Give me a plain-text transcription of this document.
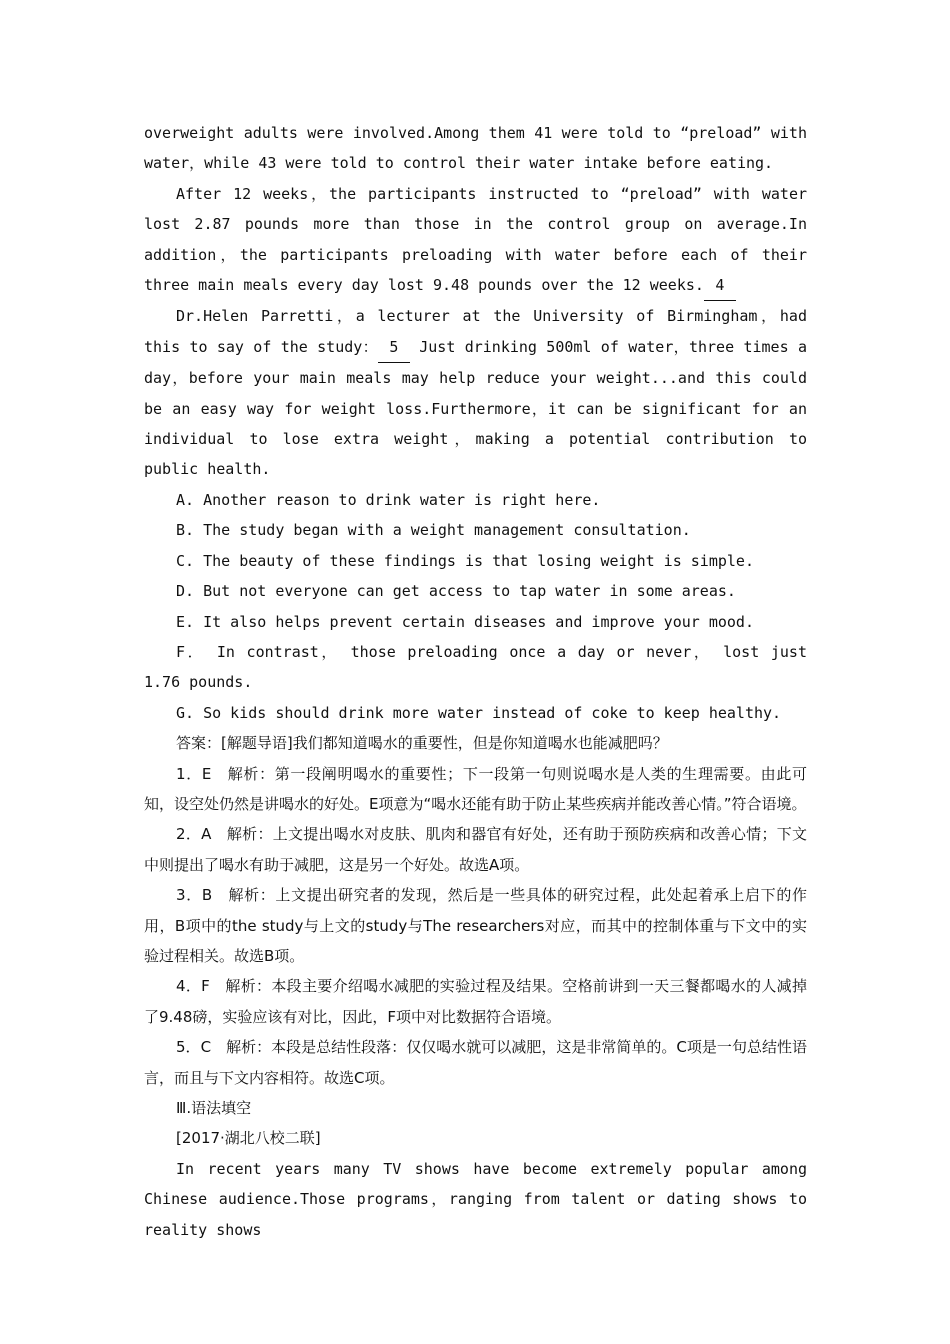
overweight adults were involved.Among them 41 were told to “preload” with water，while 43 were told to control their water intake before eating.

After 12 weeks，the participants instructed to “preload” with water lost 2.87 pounds more than those in the control group on average.In addition，the participants preloading with water before each of their three main meals every day lost 9.48 pounds over the 12 weeks. 4

Dr.Helen Parretti，a lecturer at the University of Birmingham，had this to say of the study： 5 Just drinking 500ml of water，three times a day，before your main meals may help reduce your weight...and this could be an easy way for weight loss.Furthermore，it can be significant for an individual to lose extra weight，making a potential contribution to public health.

A. Another reason to drink water is right here.

B. The study began with a weight management consultation.

C. The beauty of these findings is that losing weight is simple.

D. But not everyone can get access to tap water in some areas.

E. It also helps prevent certain diseases and improve your mood.

F． In contrast， those preloading once a day or never， lost just 1.76 pounds.

G. So kids should drink more water instead of coke to keep healthy.

答案：[解题导语]我们都知道喝水的重要性，但是你知道喝水也能减肥吗？

1．E　解析：第一段阐明喝水的重要性；下一段第一句则说喝水是人类的生理需要。由此可知，设空处仍然是讲喝水的好处。E项意为“喝水还能有助于防止某些疾病并能改善心情。”符合语境。

2．A　解析：上文提出喝水对皮肤、肌肉和器官有好处，还有助于预防疾病和改善心情；下文中则提出了喝水有助于减肥，这是另一个好处。故选A项。

3．B　解析：上文提出研究者的发现，然后是一些具体的研究过程，此处起着承上启下的作用，B项中的the study与上文的study与The researchers对应，而其中的控制体重与下文中的实验过程相关。故选B项。

4．F　解析：本段主要介绍喝水减肥的实验过程及结果。空格前讲到一天三餐都喝水的人减掉了9.48磅，实验应该有对比，因此，F项中对比数据符合语境。

5．C　解析：本段是总结性段落：仅仅喝水就可以减肥，这是非常简单的。C项是一句总结性语言，而且与下文内容相符。故选C项。

Ⅲ.语法填空

[2017·湖北八校二联]

In recent years many TV shows have become extremely popular among Chinese audience.Those programs，ranging from talent or dating shows to reality shows
